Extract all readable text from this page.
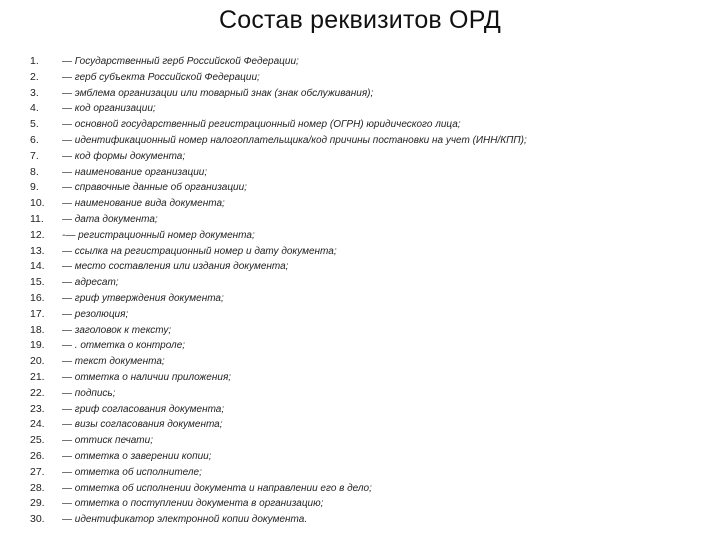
Состав реквизитов ОРД
1.	— Государственный герб Российской Федерации;
2.	— герб субъекта Российской Федерации;
3.	— эмблема организации или товарный знак (знак обслуживания);
4.	— код организации;
5.	— основной государственный регистрационный номер (ОГРН) юридического лица;
6.	— идентификационный номер налогоплательщика/код причины постановки на учет (ИНН/КПП);
7.	— код формы документа;
8.	— наименование организации;
9.	— справочные данные об организации;
10.	— наименование вида документа;
11.	— дата документа;
12.	-— регистрационный номер документа;
13.	— ссылка на регистрационный номер и дату документа;
14.	— место составления или издания документа;
15.	— адресат;
16.	— гриф утверждения документа;
17.	— резолюция;
18.	— заголовок к тексту;
19.	— . отметка о контроле;
20.	— текст документа;
21.	— отметка о наличии приложения;
22.	— подпись;
23.	— гриф согласования документа;
24.	— визы согласования документа;
25.	— оттиск печати;
26.	— отметка о заверении копии;
27.	— отметка об исполнителе;
28.	— отметка об исполнении документа и направлении его в дело;
29.	— отметка о поступлении документа в организацию;
30.	— идентификатор электронной копии документа.
